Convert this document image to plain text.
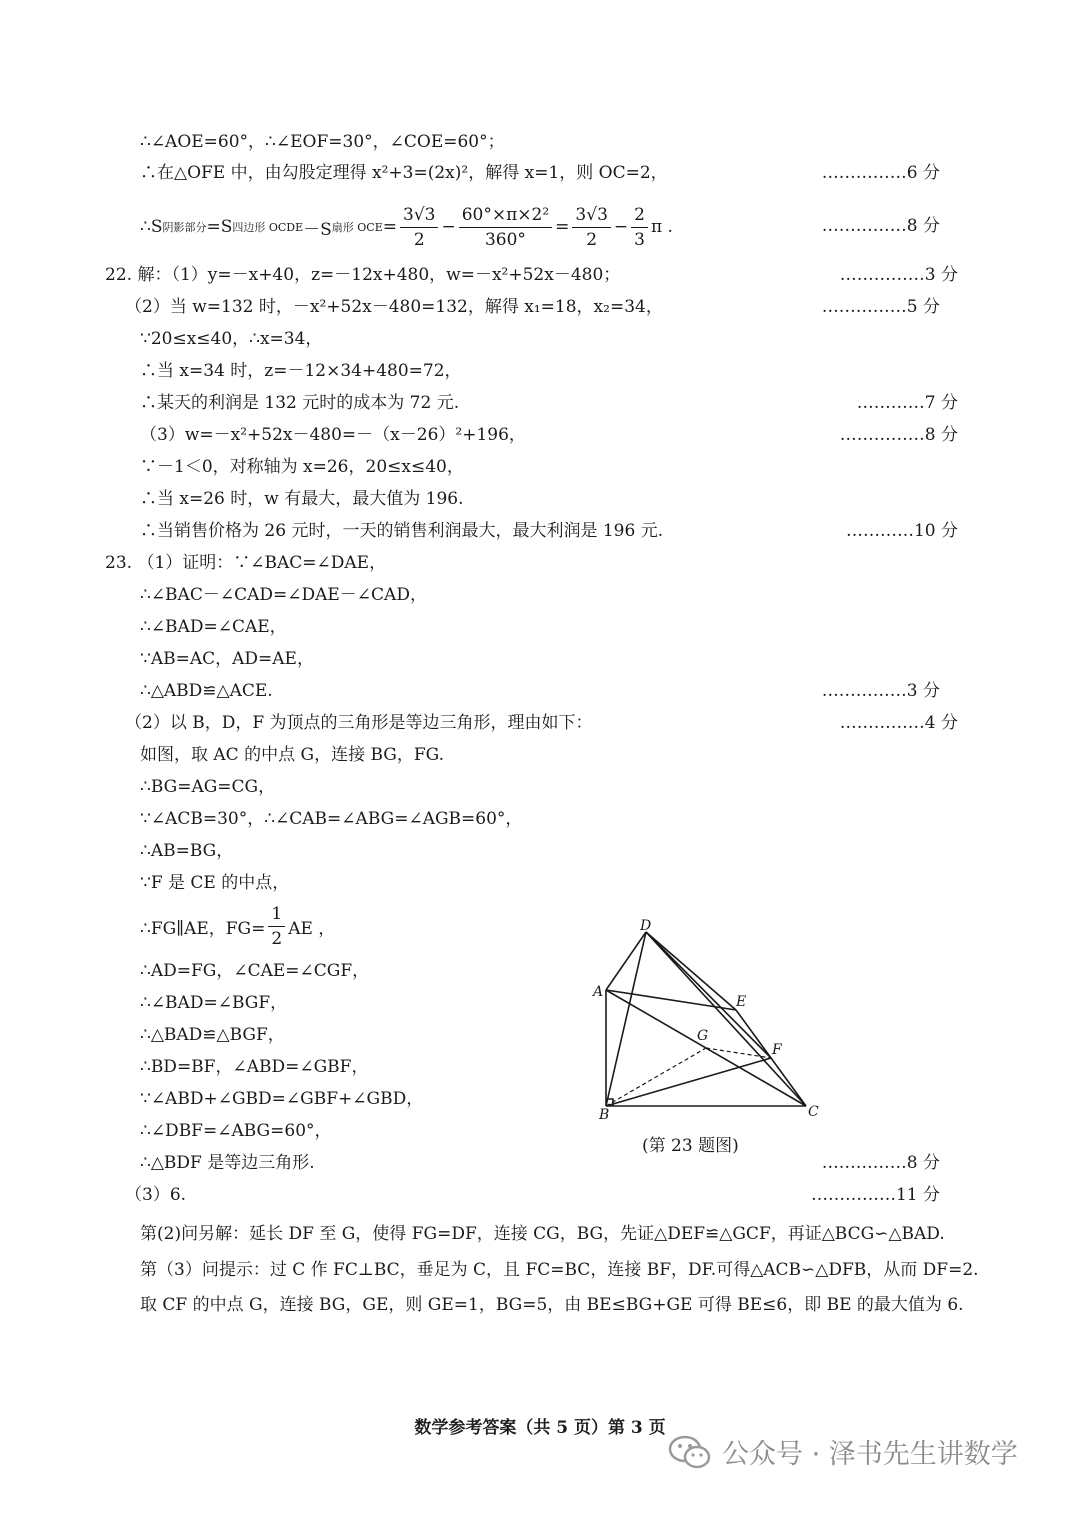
∴∠AOE=60°，∴∠EOF=30°，∠COE=60°；
∴在△OFE 中，由勾股定理得 x²+3=(2x)²，解得 x=1，则 OC=2，
22. 解：（1）y=－x+40，z=－12x+480，w=－x²+52x－480；
（2）当 w=132 时，－x²+52x－480=132，解得 x₁=18，x₂=34，
∵20≤x≤40，∴x=34，
∴当 x=34 时，z=－12×34+480=72，
∴某天的利润是 132 元时的成本为 72 元.
（3）w=－x²+52x－480=－（x－26）²+196，
∵－1＜0，对称轴为 x=26，20≤x≤40，
∴当 x=26 时，w 有最大，最大值为 196.
∴当销售价格为 26 元时，一天的销售利润最大，最大利润是 196 元.
23. （1）证明：∵∠BAC=∠DAE，
∴∠BAC－∠CAD=∠DAE－∠CAD，
∴∠BAD=∠CAE，
∵AB=AC，AD=AE，
∴△ABD≌△ACE.
（2）以 B，D，F 为顶点的三角形是等边三角形，理由如下：
如图，取 AC 的中点 G，连接 BG，FG.
∴BG=AG=CG，
∵∠ACB=30°，∴∠CAB=∠ABG=∠AGB=60°，
∴AB=BG，
∵F 是 CE 的中点，
∴AD=FG，∠CAE=∠CGF，
∴∠BAD=∠BGF，
∴△BAD≌△BGF，
∴BD=BF，∠ABD=∠GBF，
∵∠ABD+∠GBD=∠GBF+∠GBD，
∴∠DBF=∠ABG=60°，
∴△BDF 是等边三角形.
（3）6.
……………6 分
……………8 分
……………3 分
……………5 分
…………7 分
……………8 分
…………10 分
……………3 分
……………4 分
……………8 分
……………11 分
∴S 阴影部分 =S 四边形 OCDE －S 扇形 OCE = $\frac{3√3}{2} - \frac{\text{60°×π×2²}}{360^\circ} = \frac{3√3}{2} - \frac{2}{3}$ π .
∴FG∥AE，$FG= \frac{1}{2}$ AE ，	D
A
E
G
F
B	C
(第 23 题图)
第(2)问另解：延长 DF 至 G，使得 FG=DF，连接 CG，BG，先证△DEF≌△GCF，再证△BCG∽△BAD.
第（3）问提示：过 C 作 FC⊥BC，垂足为 C，且 FC=BC，连接 BF，DF.可得△ACB∽△DFB，从而 DF=2.取 CF 的中点 G，连接 BG，GE，则 GE=1，BG=5，由 BE≤BG+GE 可得 BE≤6，即 BE 的最大值为 6.
数学参考答案（共 5 页）第 3 页
公众号 · 泽书先生讲数学
